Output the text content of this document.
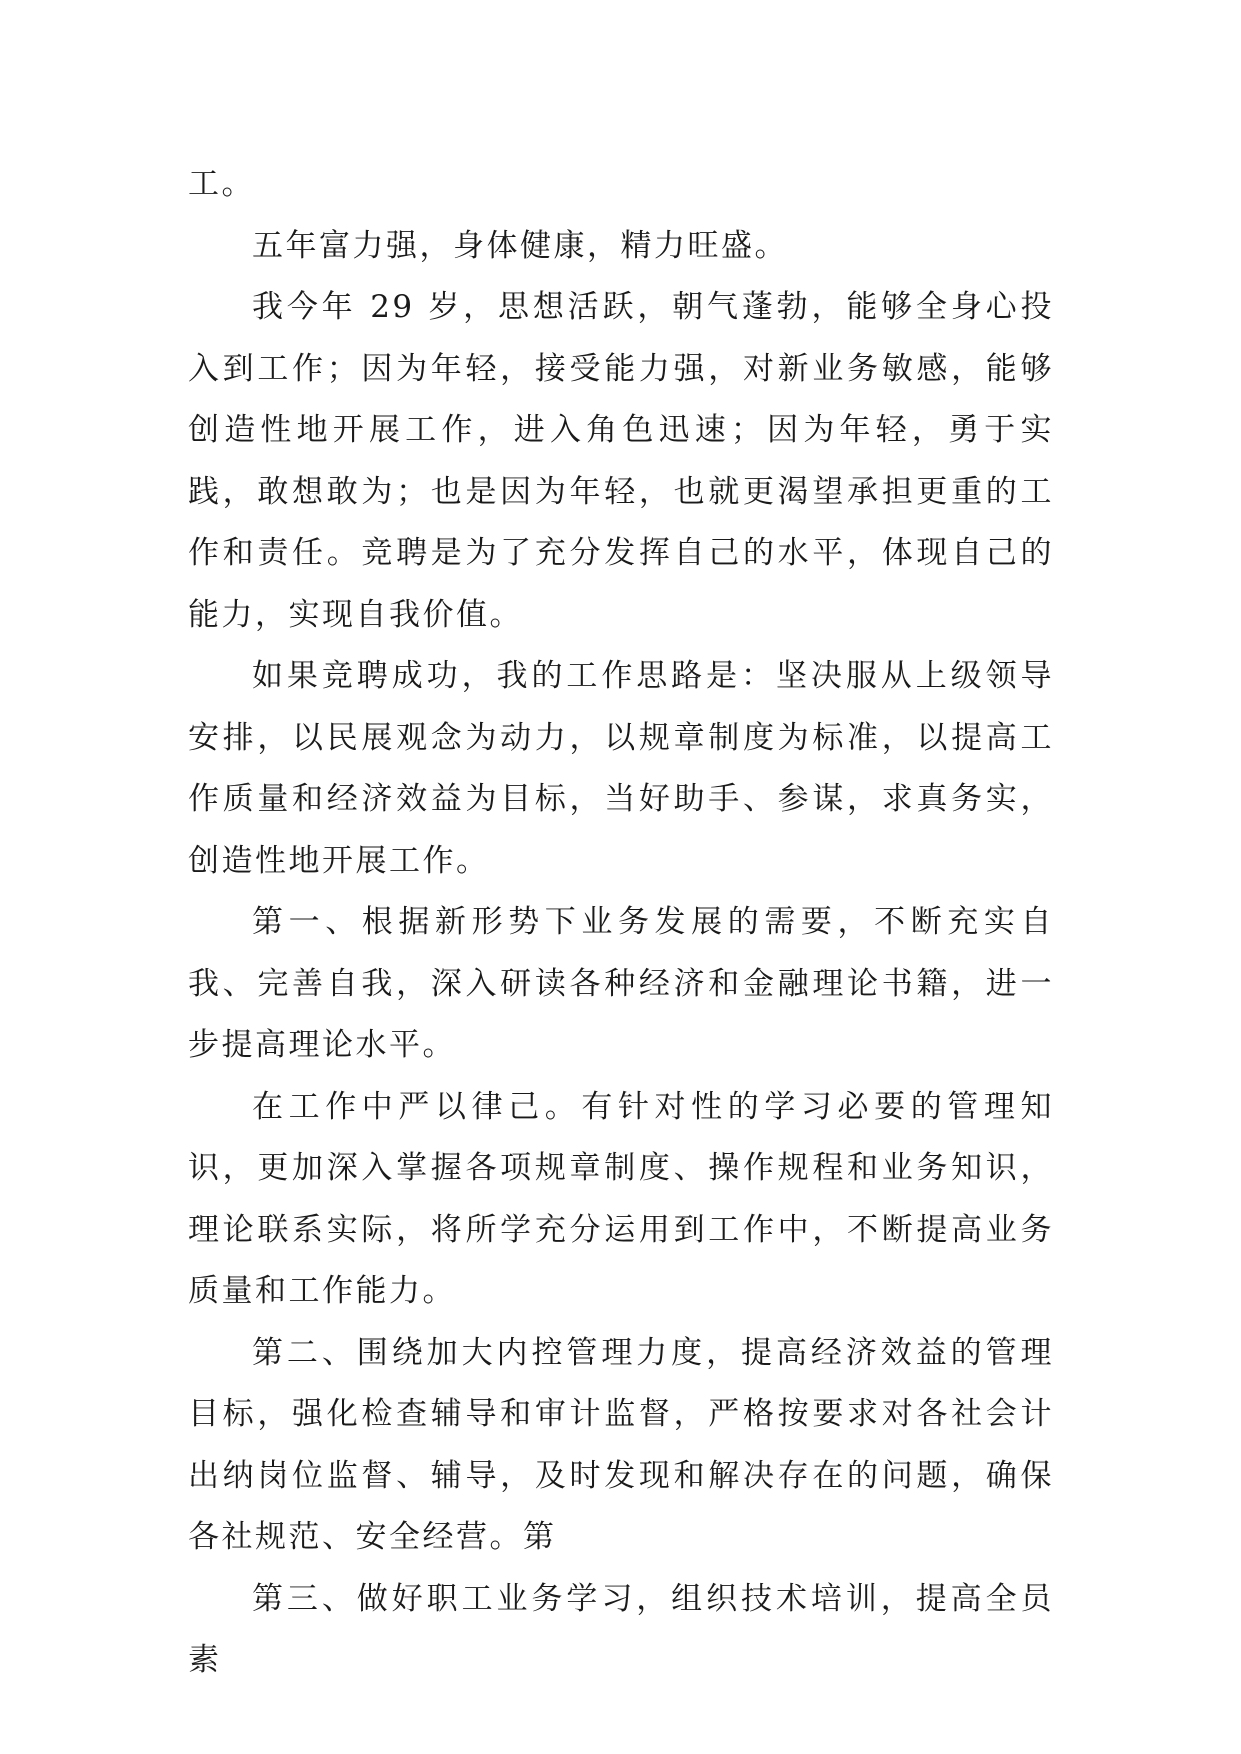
工。

五年富力强，身体健康，精力旺盛。

我今年 29 岁，思想活跃，朝气蓬勃，能够全身心投入到工作；因为年轻，接受能力强，对新业务敏感，能够创造性地开展工作，进入角色迅速；因为年轻，勇于实践，敢想敢为；也是因为年轻，也就更渴望承担更重的工作和责任。竞聘是为了充分发挥自己的水平，体现自己的能力，实现自我价值。

如果竞聘成功，我的工作思路是：坚决服从上级领导安排，以民展观念为动力，以规章制度为标准，以提高工作质量和经济效益为目标，当好助手、参谋，求真务实，创造性地开展工作。

第一、根据新形势下业务发展的需要，不断充实自我、完善自我，深入研读各种经济和金融理论书籍，进一步提高理论水平。

在工作中严以律己。有针对性的学习必要的管理知识，更加深入掌握各项规章制度、操作规程和业务知识，理论联系实际，将所学充分运用到工作中，不断提高业务质量和工作能力。

第二、围绕加大内控管理力度，提高经济效益的管理目标，强化检查辅导和审计监督，严格按要求对各社会计出纳岗位监督、辅导，及时发现和解决存在的问题，确保各社规范、安全经营。第

第三、做好职工业务学习，组织技术培训，提高全员素
